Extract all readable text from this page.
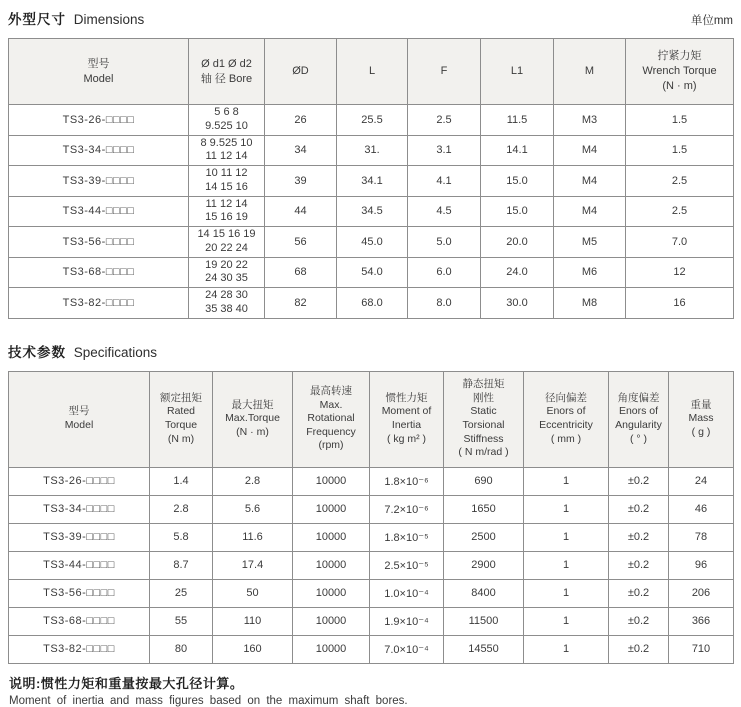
外型尺寸 Dimensions	单位mm
型号
Model

Ø d1 Ø d2
轴 径 Bore
	ØD	L	F	L1	M	
拧紧力矩
Wrench Torque
(N · m)

TS3-26-□□□□	5 6 8
9.525 10	26	25.5	2.5	11.5	M3	1.5
TS3-34-□□□□	8 9.525 10
11 12 14	34	31.	3.1	14.1	M4	1.5
TS3-39-□□□□	10 11 12
14 15 16	39	34.1	4.1	15.0	M4	2.5
TS3-44-□□□□	11 12 14
15 16 19	44	34.5	4.5	15.0	M4	2.5
TS3-56-□□□□	14 15 16 19
20 22 24	56	45.0	5.0	20.0	M5	7.0
TS3-68-□□□□	19 20 22
24 30 35	68	54.0	6.0	24.0	M6	12
TS3-82-□□□□	24 28 30
35 38 40	82	68.0	8.0	30.0	M8	16
技术参数 Specifications
型号
Model

额定扭矩
Rated
Torque
(N m)

最大扭矩
Max.Torque
(N · m)

最高转速
Max.
Rotational
Frequency
(rpm)

惯性力矩
Moment of
Inertia
( kg m² )

静态扭矩
刚性
Static
Torsional
Stiffness
( N m/rad )

径向偏差
Enors of
Eccentricity
( mm )

角度偏差
Enors of
Angularity
( ° )

重量
Mass
( g )

TS3-26-□□□□	1.4	2.8	10000	1.8×10⁻⁶	690	1	±0.2	24
TS3-34-□□□□	2.8	5.6	10000	7.2×10⁻⁶	1650	1	±0.2	46
TS3-39-□□□□	5.8	11.6	10000	1.8×10⁻⁵	2500	1	±0.2	78
TS3-44-□□□□	8.7	17.4	10000	2.5×10⁻⁵	2900	1	±0.2	96
TS3-56-□□□□	25	50	10000	1.0×10⁻⁴	8400	1	±0.2	206
TS3-68-□□□□	55	110	10000	1.9×10⁻⁴	11500	1	±0.2	366
TS3-82-□□□□	80	160	10000	7.0×10⁻⁴	14550	1	±0.2	710
说明:惯性力矩和重量按最大孔径计算。
Moment of inertia and mass figures based on the maximum shaft bores.
